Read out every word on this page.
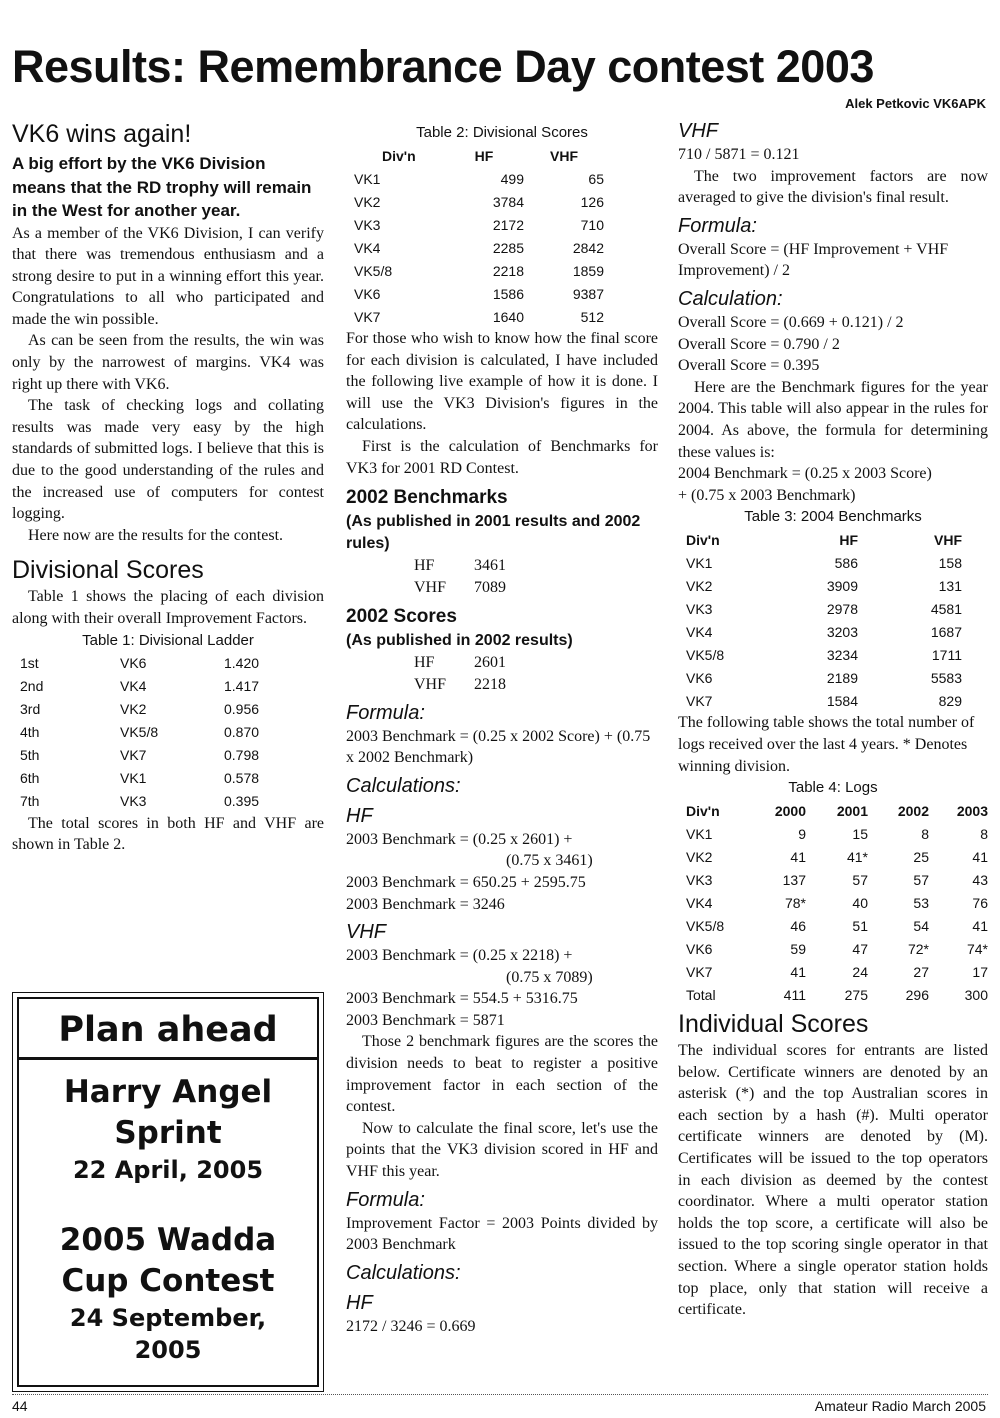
Results: Remembrance Day contest 2003
Alek Petkovic VK6APK
VK6 wins again!
A big effort by the VK6 Division means that the RD trophy will remain in the West for another year.

As a member of the VK6 Division, I can verify that there was tremendous enthusiasm and a strong desire to put in a winning effort this year. Congratulations to all who participated and made the win possible.

As can be seen from the results, the win was only by the narrowest of margins. VK4 was right up there with VK6.

The task of checking logs and collating results was made very easy by the high standards of submitted logs. I believe that this is due to the good understanding of the rules and the increased use of computers for contest logging.

Here now are the results for the contest.

Divisional Scores

Table 1 shows the placing of each division along with their overall Improvement Factors.

Table 1: Divisional Ladder
1st	VK6	1.420
2nd	VK4	1.417
3rd	VK2	0.956
4th	VK5/8	0.870
5th	VK7	0.798
6th	VK1	0.578
7th	VK3	0.395

The total scores in both HF and VHF are shown in Table 2.

Plan ahead
Harry Angel
Sprint
22 April, 2005
2005 Wadda
Cup Contest
24 September,
2005
Table 2: Divisional Scores
Div'n	HF	VHF
VK1	499	65
VK2	3784	126
VK3	2172	710
VK4	2285	2842
VK5/8	2218	1859
VK6	1586	9387
VK7	1640	512

For those who wish to know how the final score for each division is calculated, I have included the following live example of how it is done. I will use the VK3 Division's figures in the calculations.

First is the calculation of Benchmarks for VK3 for 2001 RD Contest.

2002 Benchmarks
(As published in 2001 results and 2002 rules)
HF 3461
VHF 7089
2002 Scores
(As published in 2002 results)
HF 2601
VHF 2218
Formula:

2003 Benchmark = (0.25 x 2002 Score) + (0.75 x 2002 Benchmark)

Calculations:
HF
2003 Benchmark = (0.25 x 2601) +
(0.75 x 3461)
2003 Benchmark = 650.25 + 2595.75
2003 Benchmark = 3246
VHF
2003 Benchmark = (0.25 x 2218) +
(0.75 x 7089)
2003 Benchmark = 554.5 + 5316.75
2003 Benchmark = 5871

Those 2 benchmark figures are the scores the division needs to beat to register a positive improvement factor in each section of the contest.

Now to calculate the final score, let's use the points that the VK3 division scored in HF and VHF this year.

Formula:

Improvement Factor = 2003 Points divided by 2003 Benchmark

Calculations:
HF
2172 / 3246 = 0.669
VHF
710 / 5871 = 0.121

The two improvement factors are now averaged to give the division's final result.

Formula:

Overall Score = (HF Improvement + VHF Improvement) / 2

Calculation:
Overall Score = (0.669 + 0.121) / 2
Overall Score = 0.790 / 2
Overall Score = 0.395

Here are the Benchmark figures for the year 2004. This table will also appear in the rules for 2004. As above, the formula for determining these values is:

2004 Benchmark = (0.25 x 2003 Score)
+ (0.75 x 2003 Benchmark)
Table 3: 2004 Benchmarks
Div'n	HF	VHF
VK1	586	158
VK2	3909	131
VK3	2978	4581
VK4	3203	1687
VK5/8	3234	1711
VK6	2189	5583
VK7	1584	829

The following table shows the total number of logs received over the last 4 years. * Denotes winning division.

Table 4: Logs
Div'n	2000	2001	2002	2003
VK1	9	15	8	8
VK2	41	41*	25	41
VK3	137	57	57	43
VK4	78*	40	53	76
VK5/8	46	51	54	41
VK6	59	47	72*	74*
VK7	41	24	27	17
Total	411	275	296	300
Individual Scores

The individual scores for entrants are listed below. Certificate winners are denoted by an asterisk (*) and the top Australian scores in each section by a hash (#). Multi operator certificate winners are denoted by (M). Certificates will be issued to the top operators in each division as deemed by the contest coordinator. Where a multi operator station holds the top score, a certificate will also be issued to the top scoring single operator in that section. Where a single operator station holds top place, only that station will receive a certificate.

44	Amateur Radio March 2005
